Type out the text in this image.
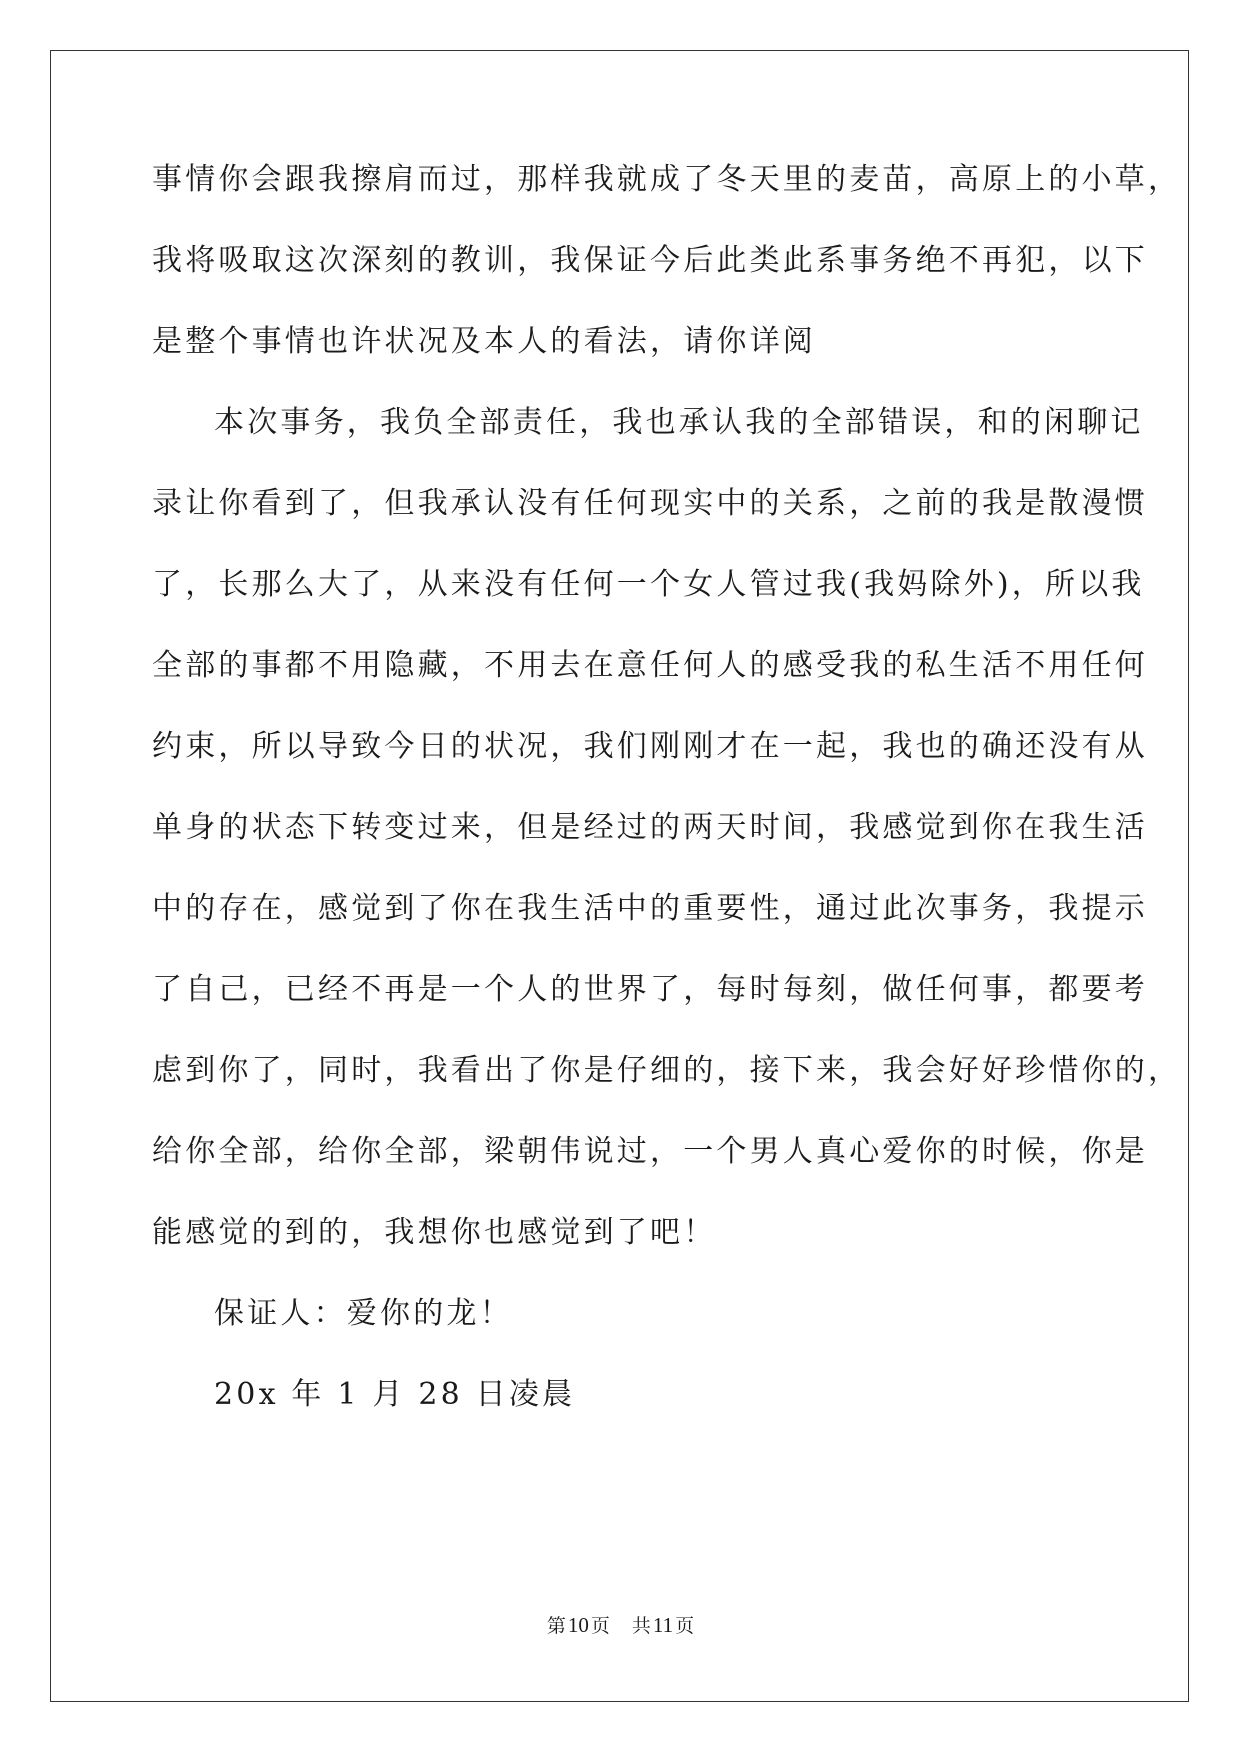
事情你会跟我擦肩而过，那样我就成了冬天里的麦苗，高原上的小草，
我将吸取这次深刻的教训，我保证今后此类此系事务绝不再犯，以下
是整个事情也许状况及本人的看法，请你详阅
本次事务，我负全部责任，我也承认我的全部错误，和的闲聊记
录让你看到了，但我承认没有任何现实中的关系，之前的我是散漫惯
了，长那么大了，从来没有任何一个女人管过我(我妈除外)，所以我
全部的事都不用隐藏，不用去在意任何人的感受我的私生活不用任何
约束，所以导致今日的状况，我们刚刚才在一起，我也的确还没有从
单身的状态下转变过来，但是经过的两天时间，我感觉到你在我生活
中的存在，感觉到了你在我生活中的重要性，通过此次事务，我提示
了自己，已经不再是一个人的世界了，每时每刻，做任何事，都要考
虑到你了，同时，我看出了你是仔细的，接下来，我会好好珍惜你的，
给你全部，给你全部，梁朝伟说过，一个男人真心爱你的时候，你是
能感觉的到的，我想你也感觉到了吧！
保证人：爱你的龙！
20x 年 1 月 28 日凌晨
第10 页 共11 页
